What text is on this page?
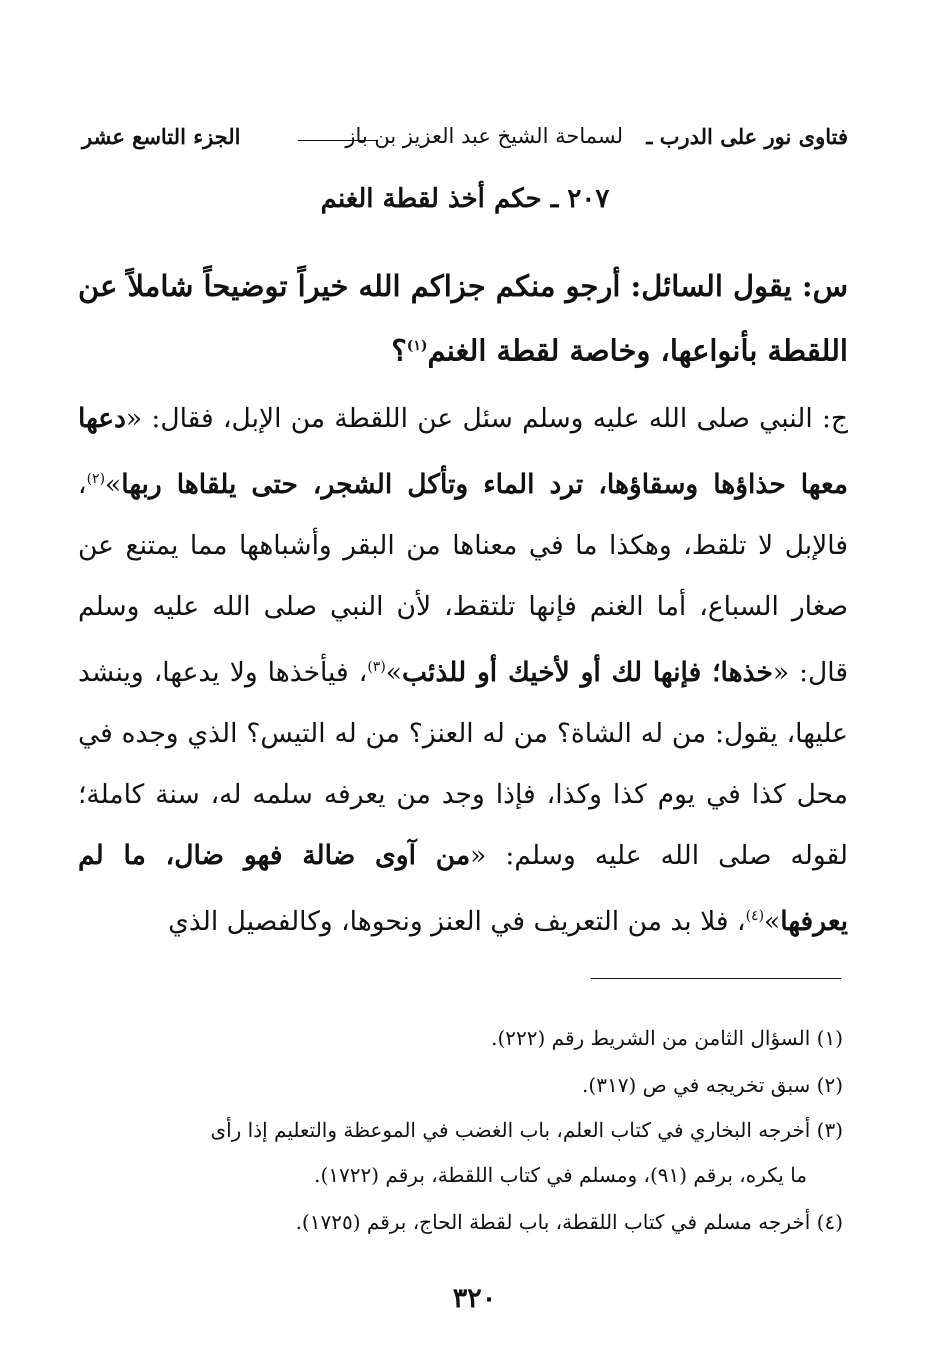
فتاوى نور على الدرب ـ
لسماحة الشيخ عبد العزيز بن باز
الجزء التاسع عشر
٢٠٧ ـ حكم أخذ لقطة الغنم
س: يقول السائل: أرجو منكم جزاكم الله خيراً توضيحاً شاملاً عن اللقطة بأنواعها، وخاصة لقطة الغنم$^{(١)}$؟
ج: النبي صلى الله عليه وسلم سئل عن اللقطة من الإبل، فقال: «دعها معها حذاؤها وسقاؤها، ترد الماء وتأكل الشجر، حتى يلقاها ربها»$^{(٢)}$، فالإبل لا تلقط، وهكذا ما في معناها من البقر وأشباهها مما يمتنع عن صغار السباع، أما الغنم فإنها تلتقط، لأن النبي صلى الله عليه وسلم قال: «خذها؛ فإنها لك أو لأخيك أو للذئب»$^{(٣)}$، فيأخذها ولا يدعها، وينشد عليها، يقول: من له الشاة؟ من له العنز؟ من له التيس؟ الذي وجده في محل كذا في يوم كذا وكذا، فإذا وجد من يعرفه سلمه له، سنة كاملة؛ لقوله صلى الله عليه وسلم: «من آوى ضالة فهو ضال، ما لم يعرفها»$^{(٤)}$، فلا بد من التعريف في العنز ونحوها، وكالفصيل الذي
(١) السؤال الثامن من الشريط رقم (٢٢٢).
(٢) سبق تخريجه في ص (٣١٧).
(٣) أخرجه البخاري في كتاب العلم، باب الغضب في الموعظة والتعليم إذا رأى
ما يكره، برقم (٩١)، ومسلم في كتاب اللقطة، برقم (١٧٢٢).
(٤) أخرجه مسلم في كتاب اللقطة، باب لقطة الحاج، برقم (١٧٢٥).
٣٢٠
